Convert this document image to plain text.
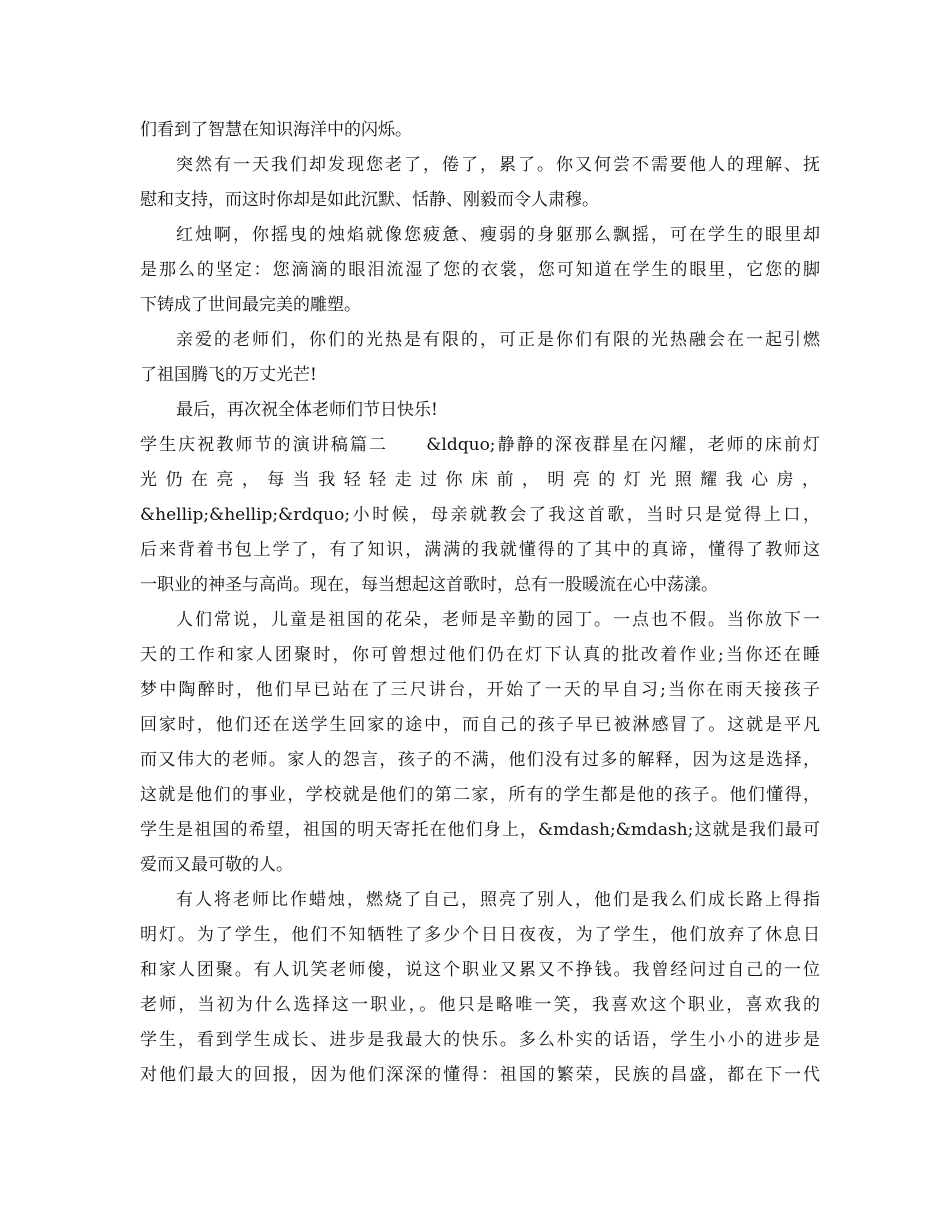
们看到了智慧在知识海洋中的闪烁。
突然有一天我们却发现您老了，倦了，累了。你又何尝不需要他人的理解、抚
慰和支持，而这时你却是如此沉默、恬静、刚毅而令人肃穆。
红烛啊，你摇曳的烛焰就像您疲惫、瘦弱的身躯那么飘摇，可在学生的眼里却
是那么的坚定：您滴滴的眼泪流湿了您的衣裳，您可知道在学生的眼里，它您的脚
下铸成了世间最完美的雕塑。
亲爱的老师们，你们的光热是有限的，可正是你们有限的光热融会在一起引燃
了祖国腾飞的万丈光芒!
最后，再次祝全体老师们节日快乐!
学生庆祝教师节的演讲稿篇二　　&ldquo;静静的深夜群星在闪耀，老师的床前灯
光 仍 在 亮 ， 每 当 我 轻 轻 走 过 你 床 前 ， 明 亮 的 灯 光 照 耀 我 心 房 ，
&hellip;&hellip;&rdquo;小时候，母亲就教会了我这首歌，当时只是觉得上口，
后来背着书包上学了，有了知识，满满的我就懂得的了其中的真谛，懂得了教师这
一职业的神圣与高尚。现在，每当想起这首歌时，总有一股暖流在心中荡漾。
人们常说，儿童是祖国的花朵，老师是辛勤的园丁。一点也不假。当你放下一
天的工作和家人团聚时，你可曾想过他们仍在灯下认真的批改着作业;当你还在睡
梦中陶醉时，他们早已站在了三尺讲台，开始了一天的早自习;当你在雨天接孩子
回家时，他们还在送学生回家的途中，而自己的孩子早已被淋感冒了。这就是平凡
而又伟大的老师。家人的怨言，孩子的不满，他们没有过多的解释，因为这是选择，
这就是他们的事业，学校就是他们的第二家，所有的学生都是他的孩子。他们懂得，
学生是祖国的希望，祖国的明天寄托在他们身上，&mdash;&mdash;这就是我们最可
爱而又最可敬的人。
有人将老师比作蜡烛，燃烧了自己，照亮了别人，他们是我么们成长路上得指
明灯。为了学生，他们不知牺牲了多少个日日夜夜，为了学生，他们放弃了休息日
和家人团聚。有人讥笑老师傻，说这个职业又累又不挣钱。我曾经问过自己的一位
老师，当初为什么选择这一职业，。他只是略唯一笑，我喜欢这个职业，喜欢我的
学生，看到学生成长、进步是我最大的快乐。多么朴实的话语，学生小小的进步是
对他们最大的回报，因为他们深深的懂得：祖国的繁荣，民族的昌盛，都在下一代
